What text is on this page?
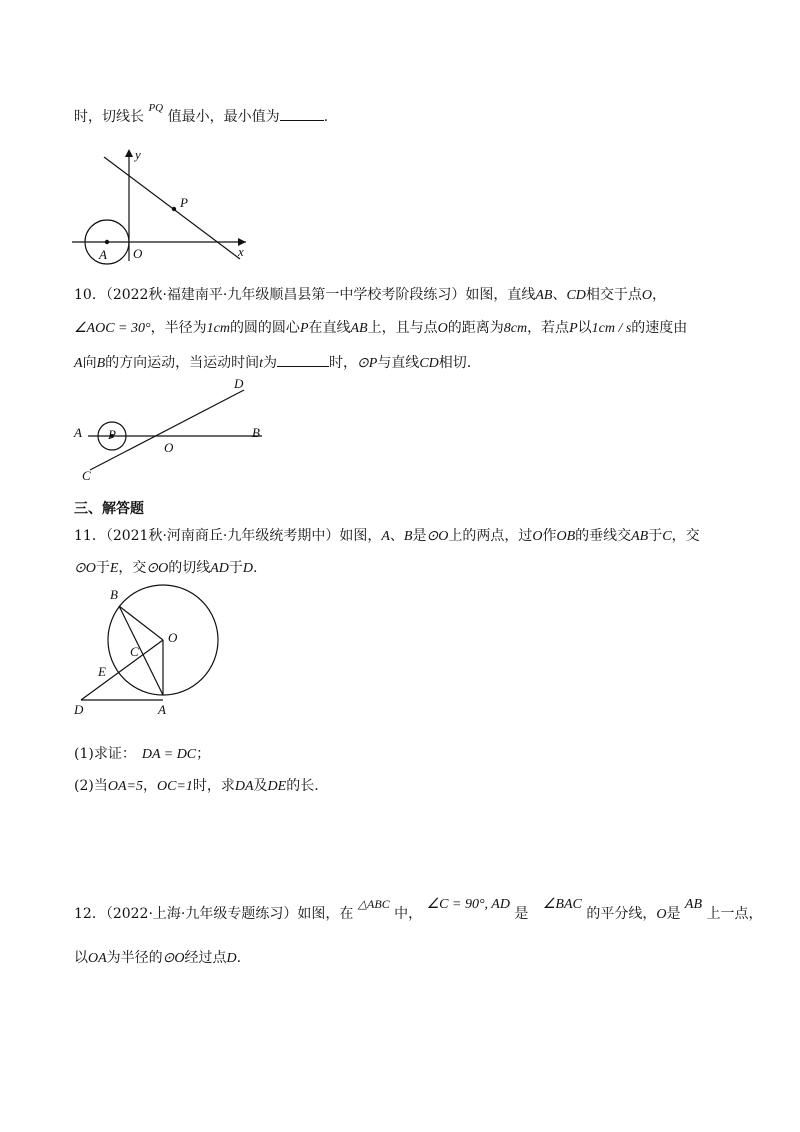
时，切线长 $^{PQ}$ 值最小，最小值为	.
y
P
A O	x
10．（2022秋·福建南平·九年级顺昌县第一中学校考阶段练习）如图，直线AB、CD相交于点O，
∠AOC = 30°，半径为1cm的圆的圆心P在直线AB上，且与点O的距离为8cm，若点P以1cm / s的速度由
A向B的方向运动，当运动时间t为	时，⊙P与直线CD相切.
D
A P
O
B
C
三、解答题
11．（2021秋·河南商丘·九年级统考期中）如图，A、B是⊙O上的两点，过O作OB的垂线交AB于C，交
⊙O于E，交⊙O的切线AD于D.
B
O
C
E
D	A
(1)求证： DA = DC；
(2)当OA=5，OC=1时，求DA及DE的长.
12．（2022·上海·九年级专题练习）如图，在 △ABC 中， ∠C = 90°, AD 是 ∠BAC 的平分线，O是 AB 上一点，
以OA为半径的⊙O经过点D.
